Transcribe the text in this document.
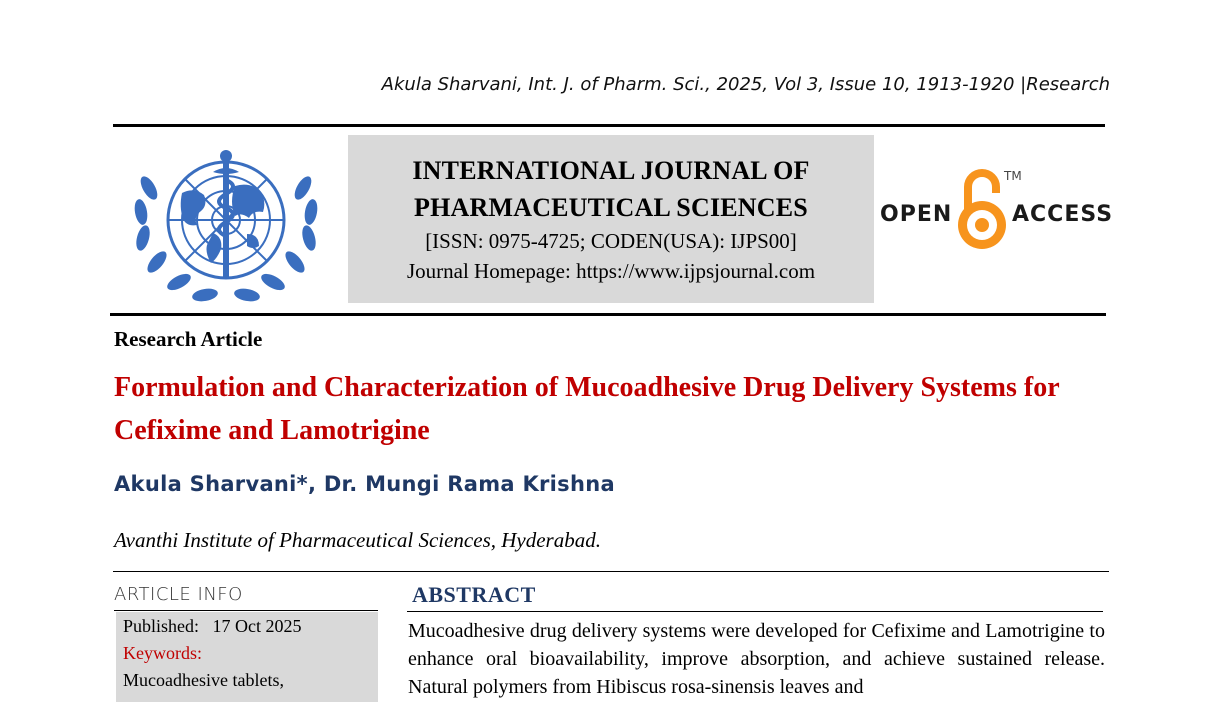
Akula Sharvani, Int. J. of Pharm. Sci., 2025, Vol 3, Issue 10, 1913-1920 |Research
INTERNATIONAL JOURNAL OF
PHARMACEUTICAL SCIENCES
[ISSN: 0975-4725; CODEN(USA): IJPS00]
Journal Homepage: https://www.ijpsjournal.com
OPEN
TM
ACCESS
Research Article
Formulation and Characterization of Mucoadhesive Drug Delivery Systems for Cefixime and Lamotrigine
Akula Sharvani*, Dr. Mungi Rama Krishna
Avanthi Institute of Pharmaceutical Sciences, Hyderabad.
ARTICLE INFO
Published: 17 Oct 2025
Keywords:
Mucoadhesive tablets,
ABSTRACT
Mucoadhesive drug delivery systems were developed for Cefixime and Lamotrigine to enhance oral bioavailability, improve absorption, and achieve sustained release. Natural polymers from Hibiscus rosa-sinensis leaves and
